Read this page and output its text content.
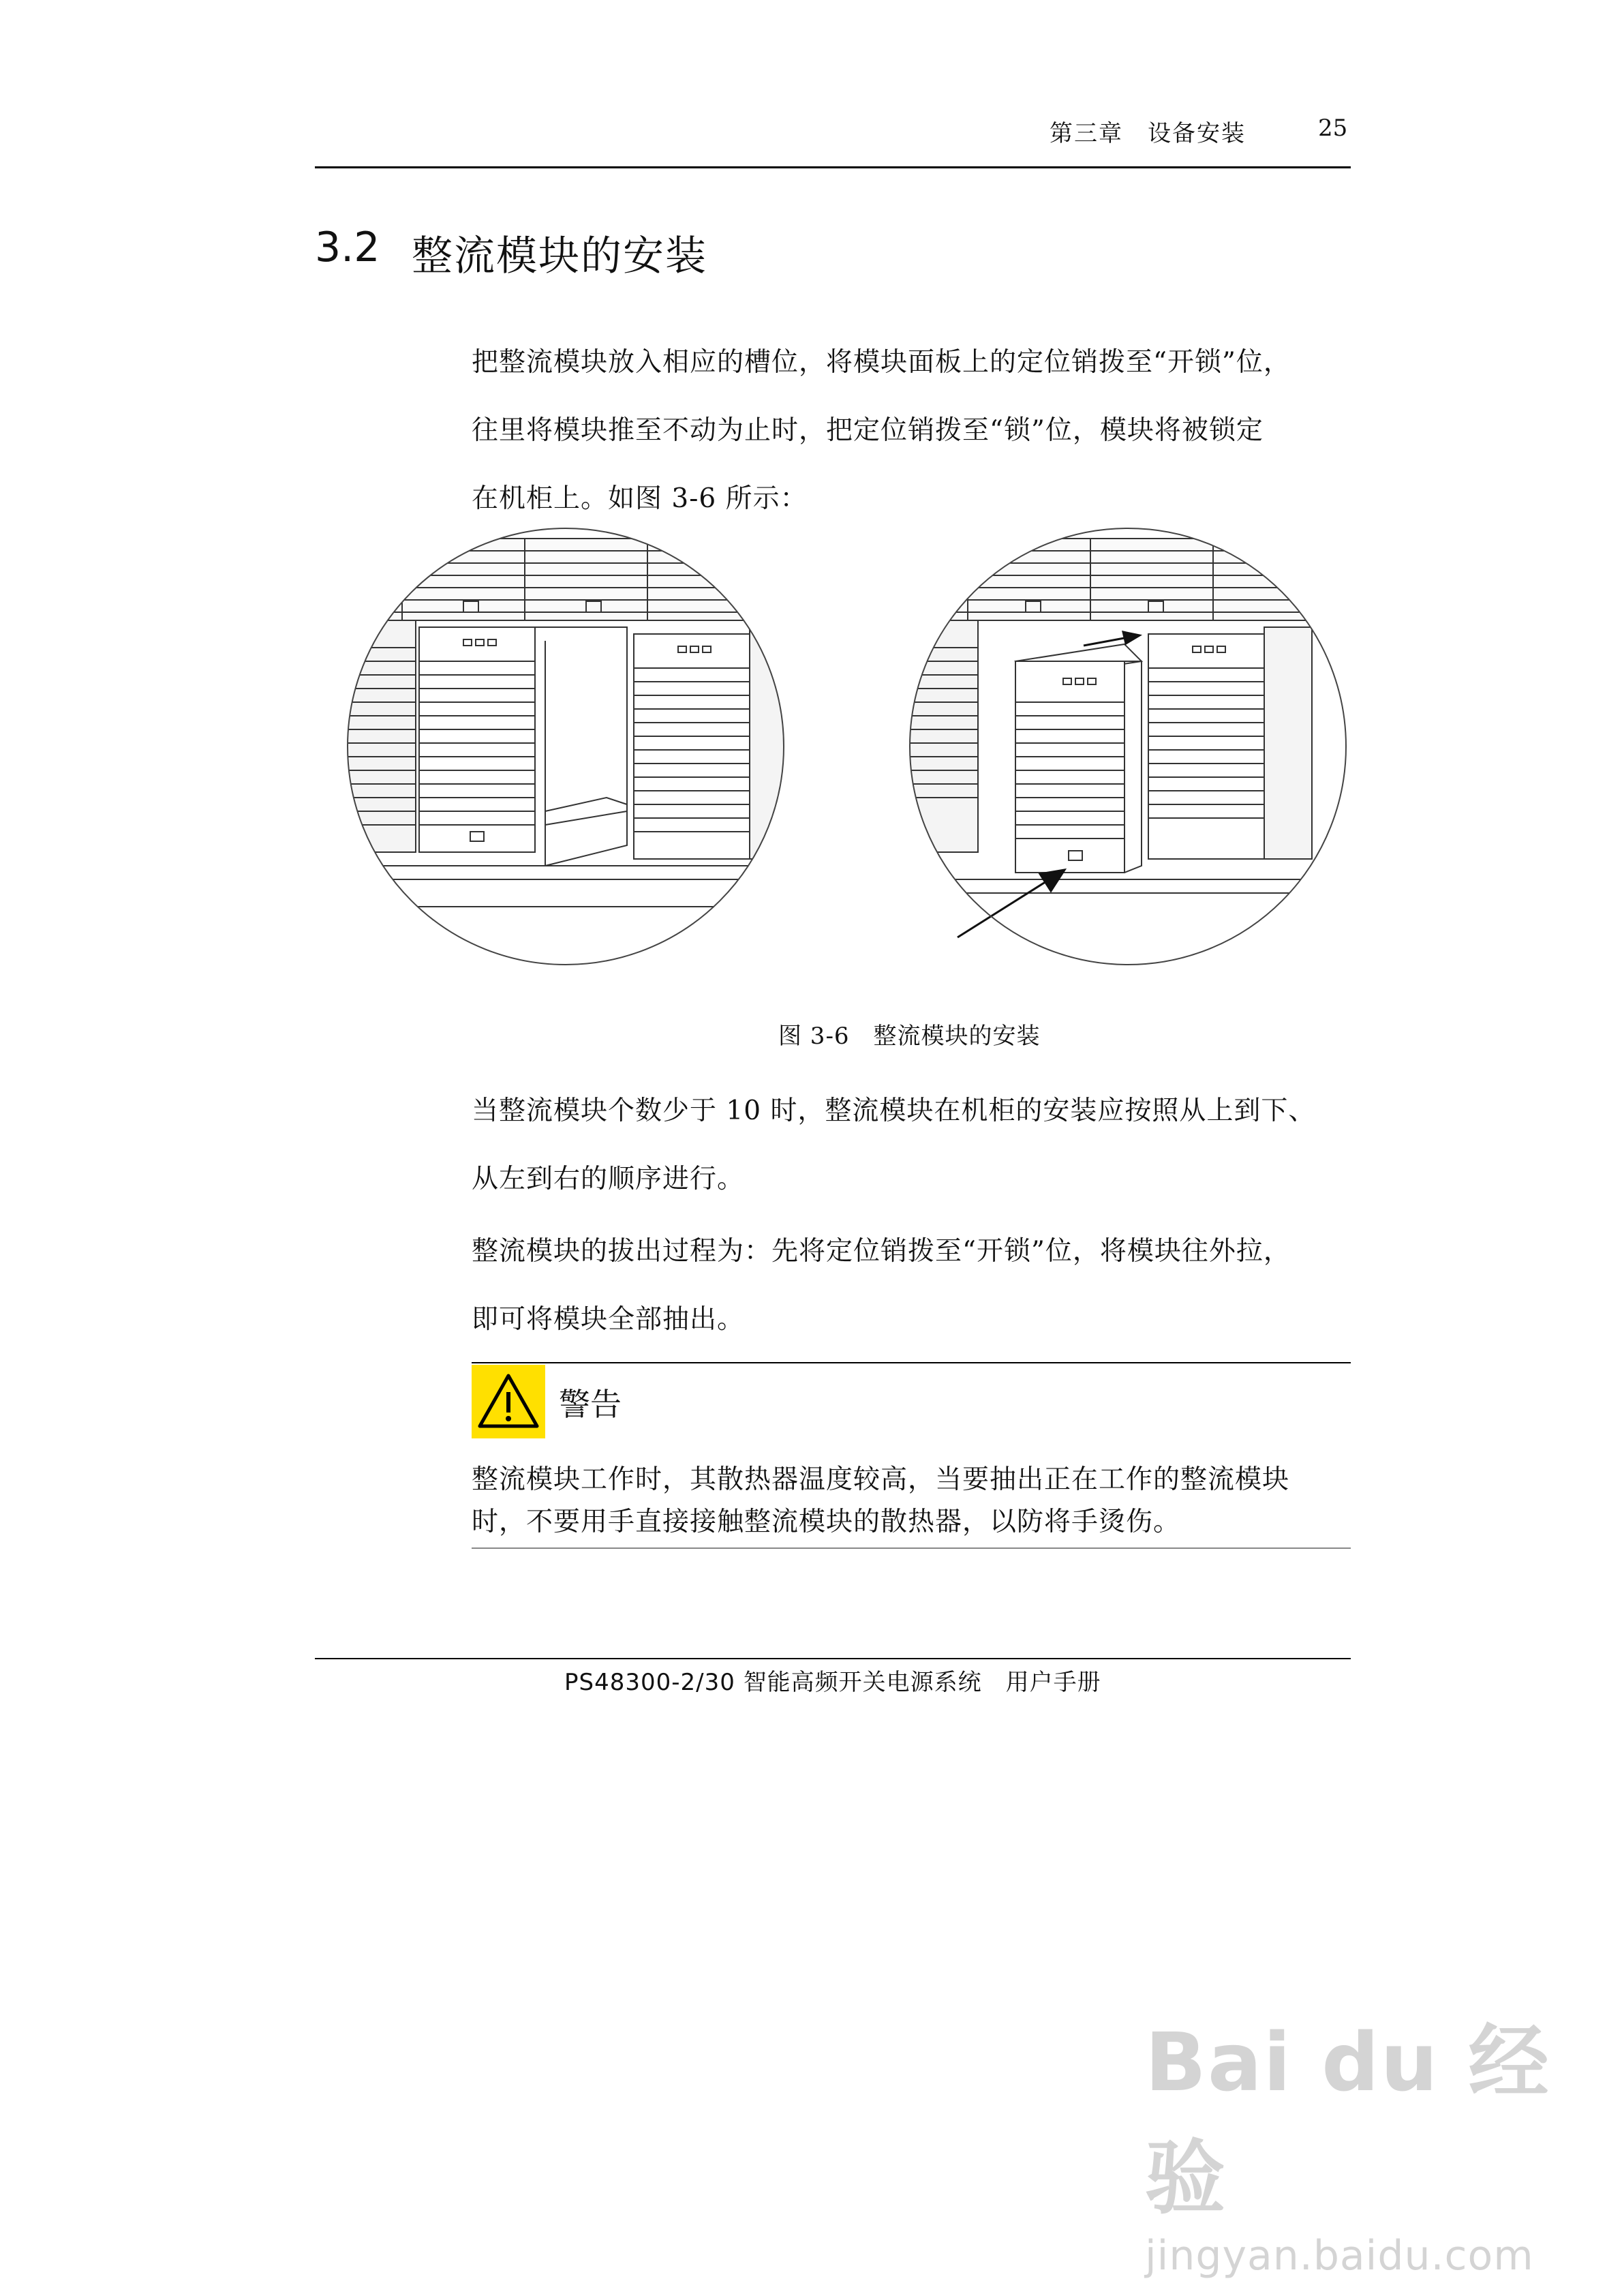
第三章　设备安装	25
3.2 整流模块的安装
把整流模块放入相应的槽位，将模块面板上的定位销拨至“开锁”位，
往里将模块推至不动为止时，把定位销拨至“锁”位，模块将被锁定
在机柜上。如图 3-6 所示：
图 3-6　整流模块的安装
当整流模块个数少于 10 时，整流模块在机柜的安装应按照从上到下、
从左到右的顺序进行。
整流模块的拔出过程为：先将定位销拨至“开锁”位，将模块往外拉，
即可将模块全部抽出。
警告
整流模块工作时，其散热器温度较高，当要抽出正在工作的整流模块
时，不要用手直接接触整流模块的散热器，以防将手烫伤。
PS48300-2/30 智能高频开关电源系统　用户手册
Bai du 经验
jingyan.baidu.com
